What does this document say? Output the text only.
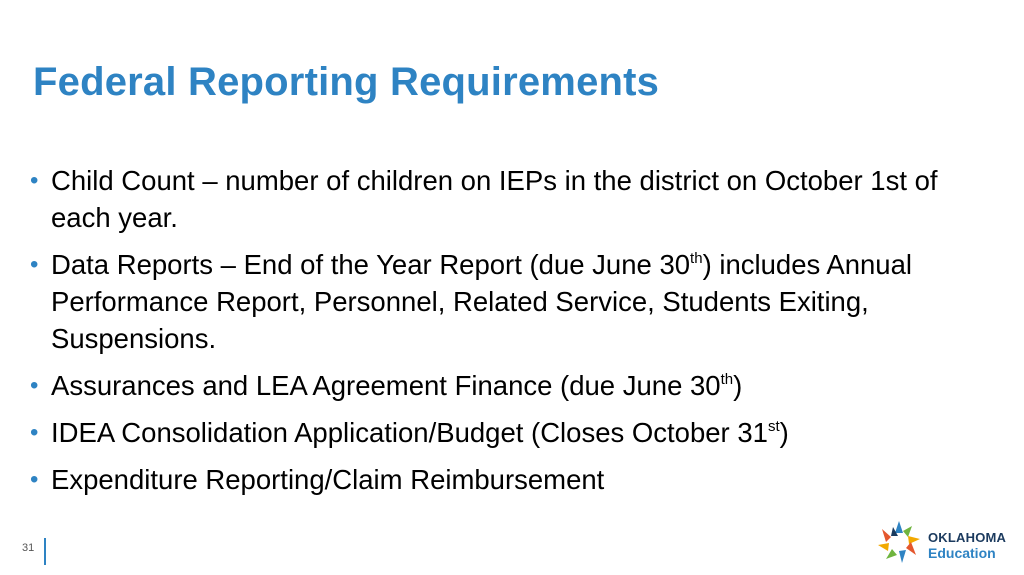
Federal Reporting Requirements
• Child Count – number of children on IEPs in the district on October 1st of each year.
• Data Reports – End of the Year Report (due June 30th) includes Annual Performance Report, Personnel, Related Service, Students Exiting, Suspensions.
• Assurances and LEA Agreement Finance (due June 30th)
• IDEA Consolidation Application/Budget (Closes October 31st)
• Expenditure Reporting/Claim Reimbursement
31
OKLAHOMA
Education
